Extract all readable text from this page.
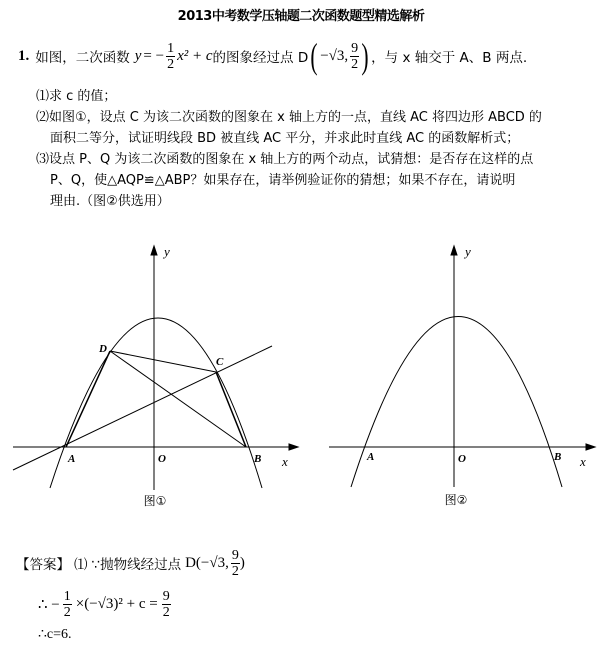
2013中考数学压轴题二次函数题型精选解析
1. 如图，二次函数 y = − $\frac{1}{2} x^2 + c$ 的图象经过点 D ( −√3, $\frac{9}{2}$ ) ，与 x 轴交于 A、B 两点.
⑴求 c 的值；
⑵如图①，设点 C 为该二次函数的图象在 x 轴上方的一点，直线 AC 将四边形 ABCD 的
面积二等分，试证明线段 BD 被直线 AC 平分，并求此时直线 AC 的函数解析式；
⑶设点 P、Q 为该二次函数的图象在 x 轴上方的两个动点，试猜想：是否存在这样的点
P、Q，使△AQP≌△ABP？如果存在，请举例验证你的猜想；如果不存在，请说明
理由.（图②供选用）
y
x
O
A	B
D
C
图①
y
x
O
A	B
图②
【答案】 ⑴ ∵抛物线经过点 D(−√3, $\frac{9}{2}$ )
∴ − $\frac{1}{2} \times(-√3)^2 + c = \frac{9}{2}$
∴c=6.
